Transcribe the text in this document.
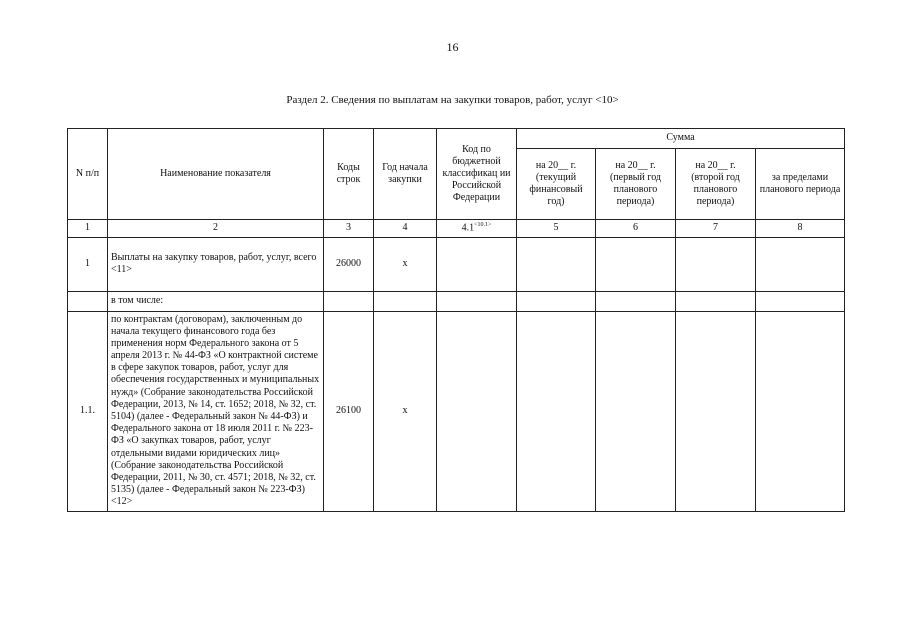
16
Раздел 2. Сведения по выплатам на закупки товаров, работ, услуг <10>
N п/п	Наименование показателя	Коды строк	Год начала закупки	Код по бюджетной классификац ии Российской Федерации	Сумма			
					на 20__ г. (текущий финансовый год)	на 20__ г. (первый год планового периода)	на 20__ г. (второй год планового периода)	за пределами планового периода
1	2	3	4	$4.1^{<10.1>}$	5	6	7	8
1	Выплаты на закупку товаров, работ, услуг, всего <11>	26000	х					
	в том числе:							
1.1.	по контрактам (договорам), заключенным до начала текущего финансового года без применения норм Федерального закона от 5 апреля 2013 г. № 44-ФЗ «О контрактной системе в сфере закупок товаров, работ, услуг для обеспечения государственных и муниципальных нужд» (Собрание законодательства Российской Федерации, 2013, № 14, ст. 1652; 2018, № 32, ст. 5104) (далее - Федеральный закон № 44-ФЗ) и Федерального закона от 18 июля 2011 г. № 223-ФЗ «О закупках товаров, работ, услуг отдельными видами юридических лиц» (Собрание законодательства Российской Федерации, 2011, № 30, ст. 4571; 2018, № 32, ст. 5135) (далее - Федеральный закон № 223-ФЗ) <12>	26100	х					
